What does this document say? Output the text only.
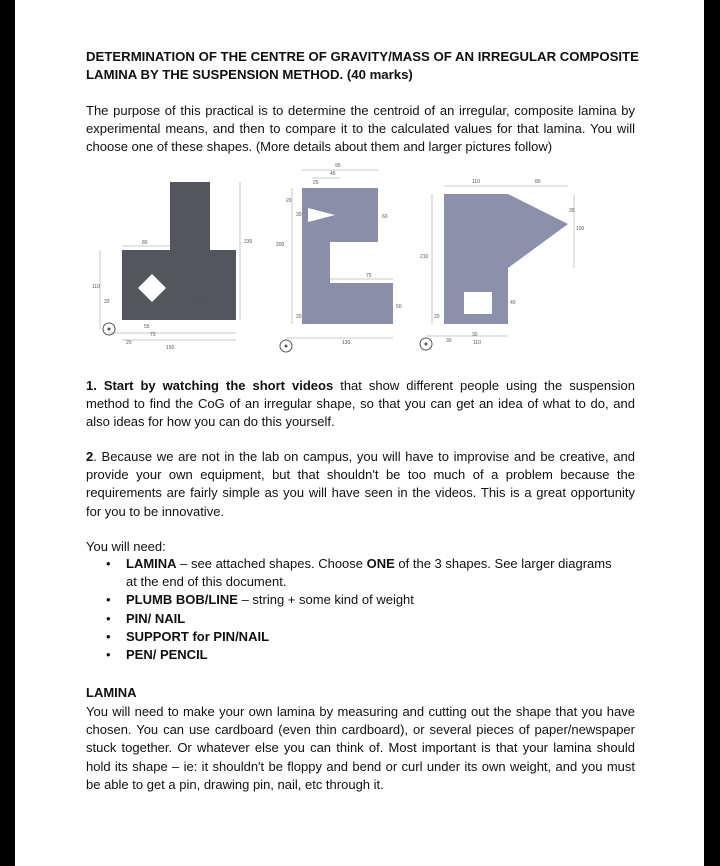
DETERMINATION OF THE CENTRE OF GRAVITY/MASS OF AN IRREGULAR COMPOSITE LAMINA BY THE SUSPENSION METHOD. (40 marks)

The purpose of this practical is to determine the centroid of an irregular, composite lamina by experimental means, and then to compare it to the calculated values for that lamina. You will choose one of these shapes. (More details about them and larger pictures follow)

80	230
110
33	30 40
55
70
20
150
95
45
25
20
30	60
200
75
50
20
130
110	80
30
100
210
40
20
30
30
110

1. Start by watching the short videos that show different people using the suspension method to find the CoG of an irregular shape, so that you can get an idea of what to do, and also ideas for how you can do this yourself.

2. Because we are not in the lab on campus, you will have to improvise and be creative, and provide your own equipment, but that shouldn't be too much of a problem because the requirements are fairly simple as you will have seen in the videos. This is a great opportunity for you to be innovative.

You will need:

• LAMINA – see attached shapes. Choose ONE of the 3 shapes. See larger diagrams at the end of this document.
• PLUMB BOB/LINE – string + some kind of weight
• PIN/ NAIL
• SUPPORT for PIN/NAIL
• PEN/ PENCIL

LAMINA

You will need to make your own lamina by measuring and cutting out the shape that you have chosen. You can use cardboard (even thin cardboard), or several pieces of paper/newspaper stuck together. Or whatever else you can think of. Most important is that your lamina should hold its shape – ie: it shouldn't be floppy and bend or curl under its own weight, and you must be able to get a pin, drawing pin, nail, etc through it.
